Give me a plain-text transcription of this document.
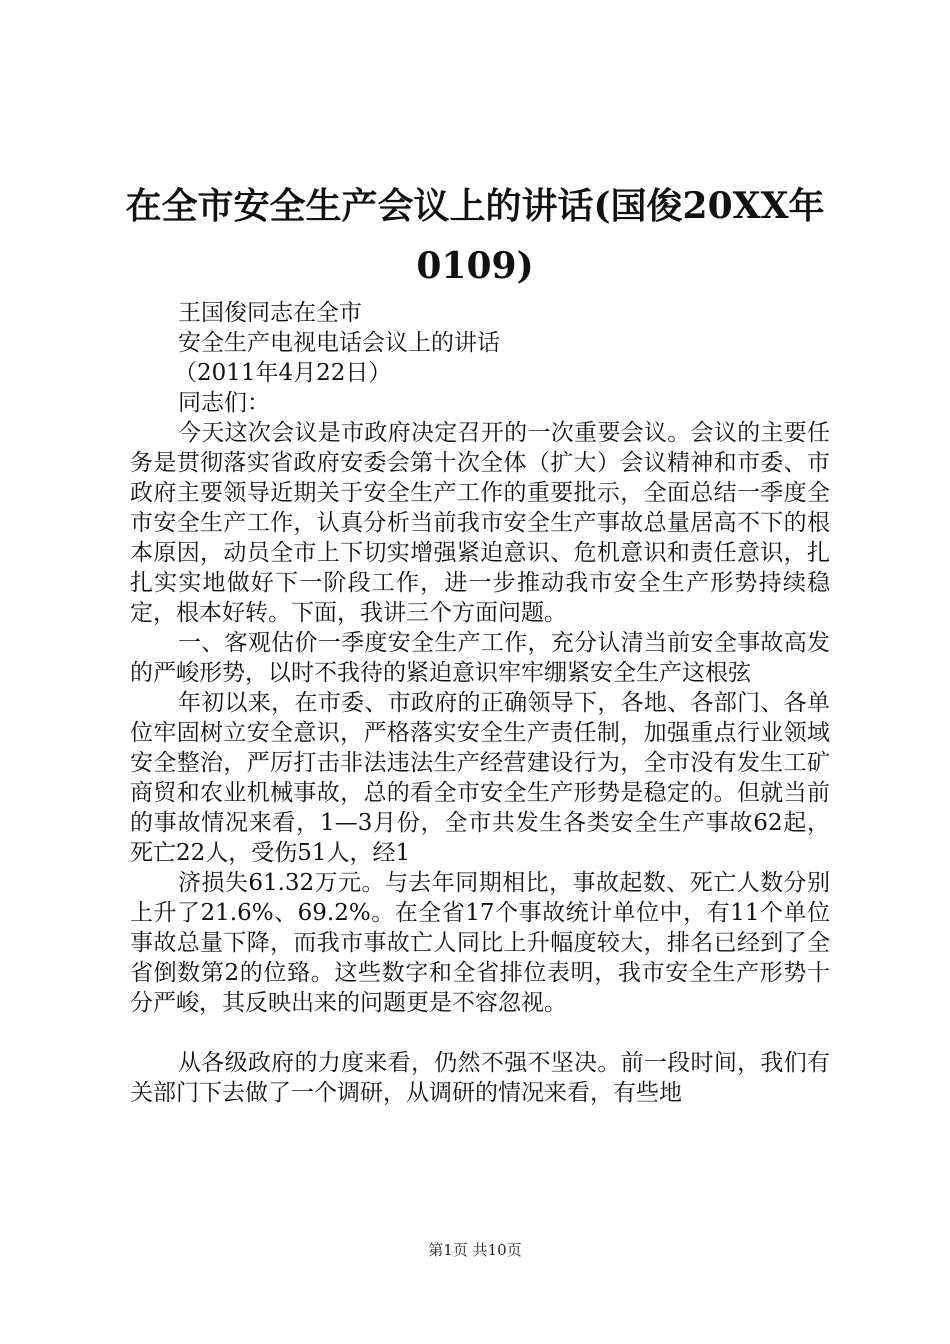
在全市安全生产会议上的讲话(国俊20XX年0109)

王国俊同志在全市

安全生产电视电话会议上的讲话

（2011年4月22日）

同志们：

今天这次会议是市政府决定召开的一次重要会议。会议的主要任务是贯彻落实省政府安委会第十次全体（扩大）会议精神和市委、市政府主要领导近期关于安全生产工作的重要批示，全面总结一季度全市安全生产工作，认真分析当前我市安全生产事故总量居高不下的根本原因，动员全市上下切实增强紧迫意识、危机意识和责任意识，扎扎实实地做好下一阶段工作，进一步推动我市安全生产形势持续稳定，根本好转。下面，我讲三个方面问题。

一、客观估价一季度安全生产工作，充分认清当前安全事故高发的严峻形势，以时不我待的紧迫意识牢牢绷紧安全生产这根弦

年初以来，在市委、市政府的正确领导下，各地、各部门、各单位牢固树立安全意识，严格落实安全生产责任制，加强重点行业领域安全整治，严厉打击非法违法生产经营建设行为，全市没有发生工矿商贸和农业机械事故，总的看全市安全生产形势是稳定的。但就当前的事故情况来看，1—3月份，全市共发生各类安全生产事故62起，死亡22人，受伤51人，经1

济损失61.32万元。与去年同期相比，事故起数、死亡人数分别上升了21.6%、69.2%。在全省17个事故统计单位中，有11个单位事故总量下降，而我市事故亡人同比上升幅度较大，排名已经到了全省倒数第2的位臵。这些数字和全省排位表明，我市安全生产形势十分严峻，其反映出来的问题更是不容忽视。

从各级政府的力度来看，仍然不强不坚决。前一段时间，我们有关部门下去做了一个调研，从调研的情况来看，有些地

第1页 共10页
